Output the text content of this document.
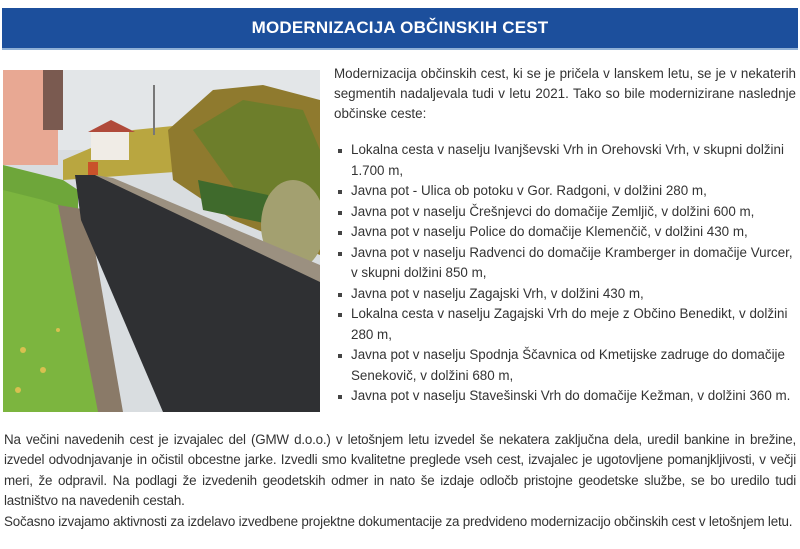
MODERNIZACIJA OBČINSKIH CEST

Modernizacija občinskih cest, ki se je pričela v lanskem letu, se je v nekaterih segmentih nadaljevala tudi v letu 2021. Tako so bile modernizirane naslednje občinske ceste:

Lokalna cesta v naselju Ivanjševski Vrh in Orehovski Vrh, v skupni dolžini 1.700 m,
Javna pot - Ulica ob potoku v Gor. Radgoni, v dolžini 280 m,
Javna pot v naselju Črešnjevci do domačije Zemljič, v dolžini 600 m,
Javna pot v naselju Police do domačije Klemenčič, v dolžini 430 m,
Javna pot v naselju Radvenci do domačije Kramberger in domačije Vurcer, v skupni dolžini 850 m,
Javna pot v naselju Zagajski Vrh, v dolžini 430 m,
Lokalna cesta v naselju Zagajski Vrh do meje z Občino Benedikt, v dolžini 280 m,
Javna pot v naselju Spodnja Ščavnica od Kmetijske zadruge do domačije Senekovič, v dolžini 680 m,
Javna pot v naselju Stavešinski Vrh do domačije Kežman, v dolžini 360 m.

Na večini navedenih cest je izvajalec del (GMW d.o.o.) v letošnjem letu izvedel še nekatera zaključna dela, uredil bankine in brežine, izvedel odvodnjavanje in očistil obcestne jarke. Izvedli smo kvalitetne preglede vseh cest, izvajalec je ugotovljene pomanjkljivosti, v večji meri, že odpravil. Na podlagi že izvedenih geodetskih odmer in nato še izdaje odločb pristojne geodetske službe, se bo uredilo tudi lastništvo na navedenih cestah.

Sočasno izvajamo aktivnosti za izdelavo izvedbene projektne dokumentacije za predvideno modernizacijo občinskih cest v letošnjem letu.
